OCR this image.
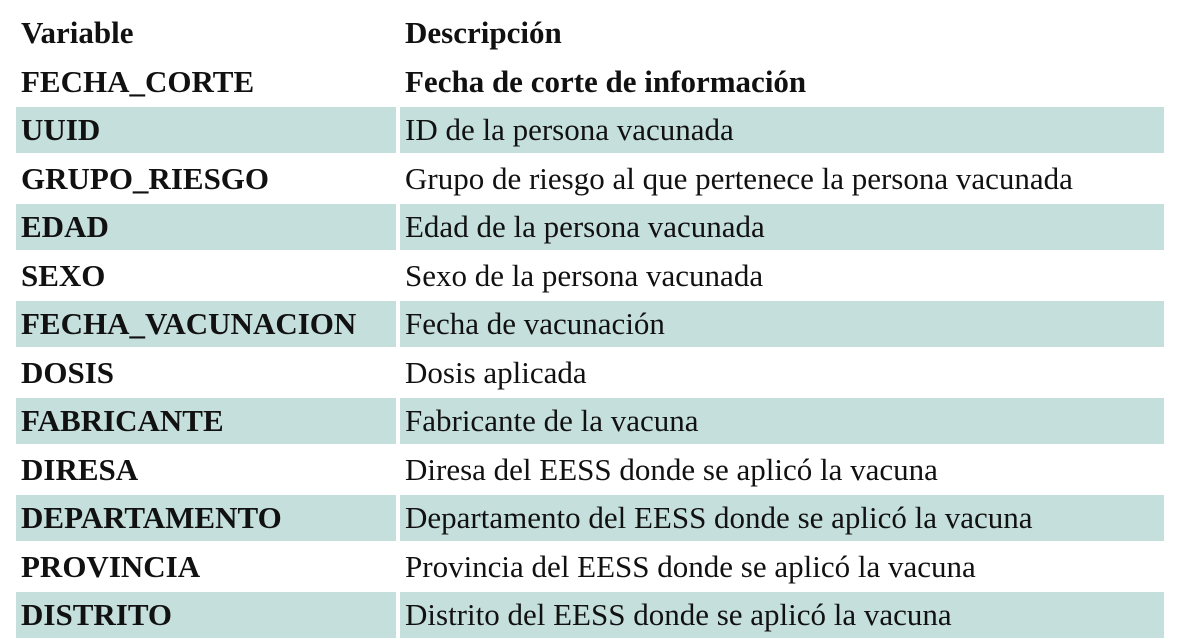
Variable	Descripción
FECHA_CORTE	Fecha de corte de información
UUID	ID de la persona vacunada
GRUPO_RIESGO	Grupo de riesgo al que pertenece la persona vacunada
EDAD	Edad de la persona vacunada
SEXO	Sexo de la persona vacunada
FECHA_VACUNACION	Fecha de vacunación
DOSIS	Dosis aplicada
FABRICANTE	Fabricante de la vacuna
DIRESA	Diresa del EESS donde se aplicó la vacuna
DEPARTAMENTO	Departamento del EESS donde se aplicó la vacuna
PROVINCIA	Provincia del EESS donde se aplicó la vacuna
DISTRITO	Distrito del EESS donde se aplicó la vacuna
